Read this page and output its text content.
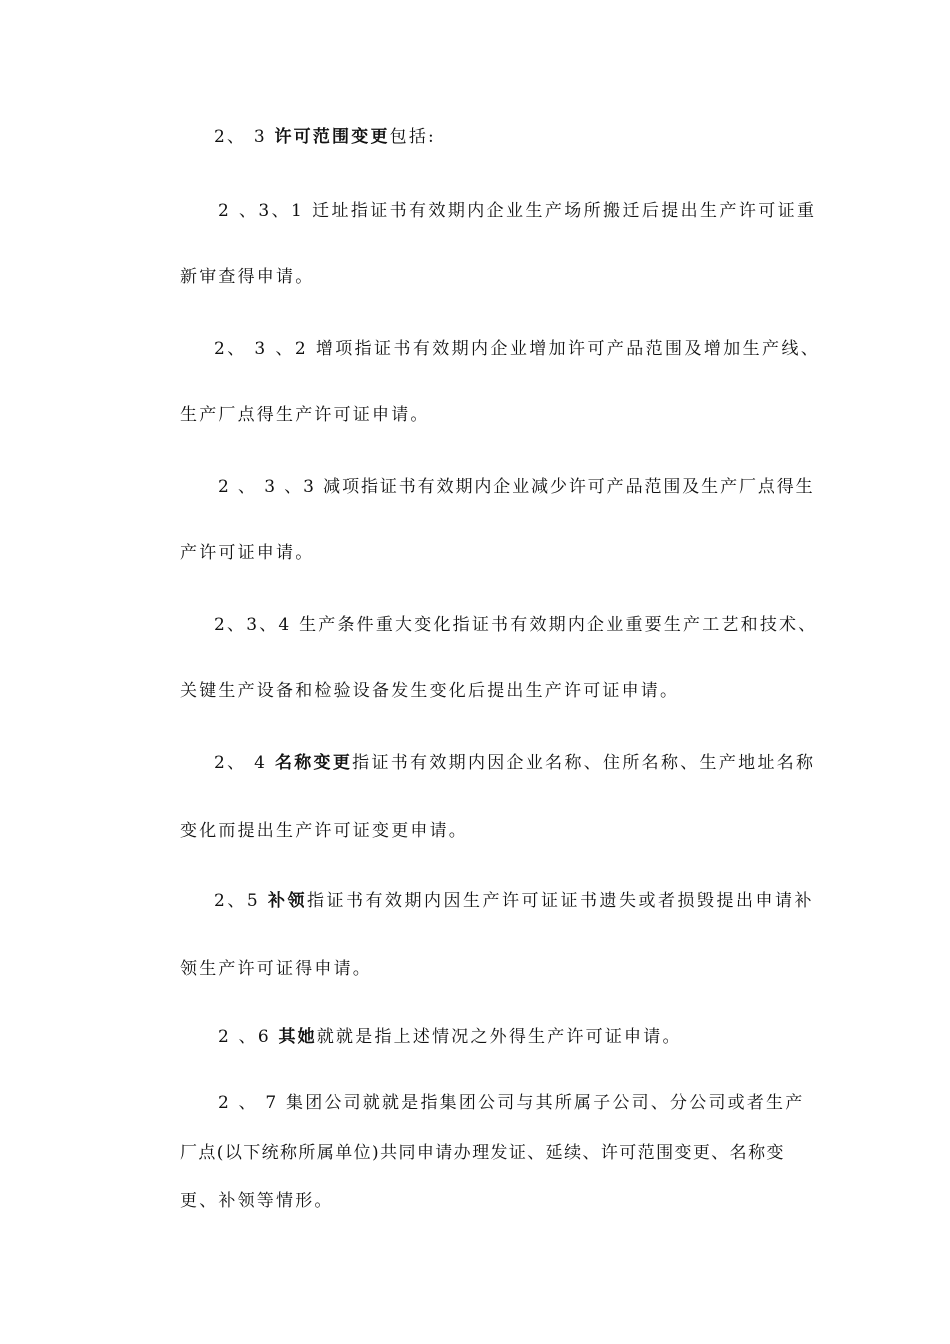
2、 3 许可范围变更包括:
2 、3、1 迁址指证书有效期内企业生产场所搬迁后提出生产许可证重
新审查得申请。
2、 3 、2 增项指证书有效期内企业增加许可产品范围及增加生产线、
生产厂点得生产许可证申请。
2 、 3 、3 减项指证书有效期内企业减少许可产品范围及生产厂点得生
产许可证申请。
2、3、4 生产条件重大变化指证书有效期内企业重要生产工艺和技术、
关键生产设备和检验设备发生变化后提出生产许可证申请。
2、 4 名称变更指证书有效期内因企业名称、住所名称、生产地址名称
变化而提出生产许可证变更申请。
2、5 补领指证书有效期内因生产许可证证书遗失或者损毁提出申请补
领生产许可证得申请。
2 、6 其她就就是指上述情况之外得生产许可证申请。
2 、 7 集团公司就就是指集团公司与其所属子公司、分公司或者生产
厂点(以下统称所属单位)共同申请办理发证、延续、许可范围变更、名称变
更、补领等情形。
